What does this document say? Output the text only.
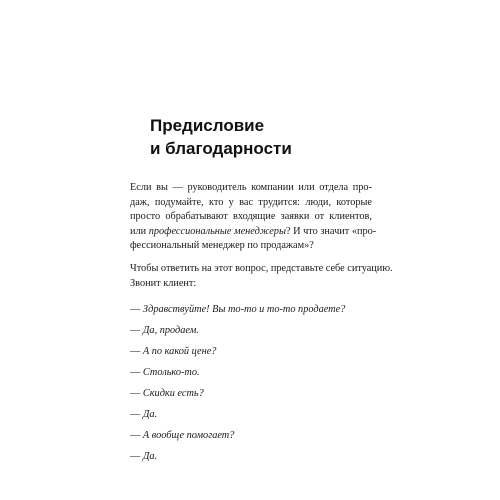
Предисловие
и благодарности
Если вы — руководитель компании или отдела про-
даж, подумайте, кто у вас трудится: люди, которые
просто обрабатывают входящие заявки от клиентов,
или профессиональные менеджеры? И что значит «про-
фессиональный менеджер по продажам»?
Чтобы ответить на этот вопрос, представьте себе ситуацию.
Звонит клиент:
— Здравствуйте! Вы то-то и то-то продаете?
— Да, продаем.
— А по какой цене?
— Столько-то.
— Скидки есть?
— Да.
— А вообще помогает?
— Да.
